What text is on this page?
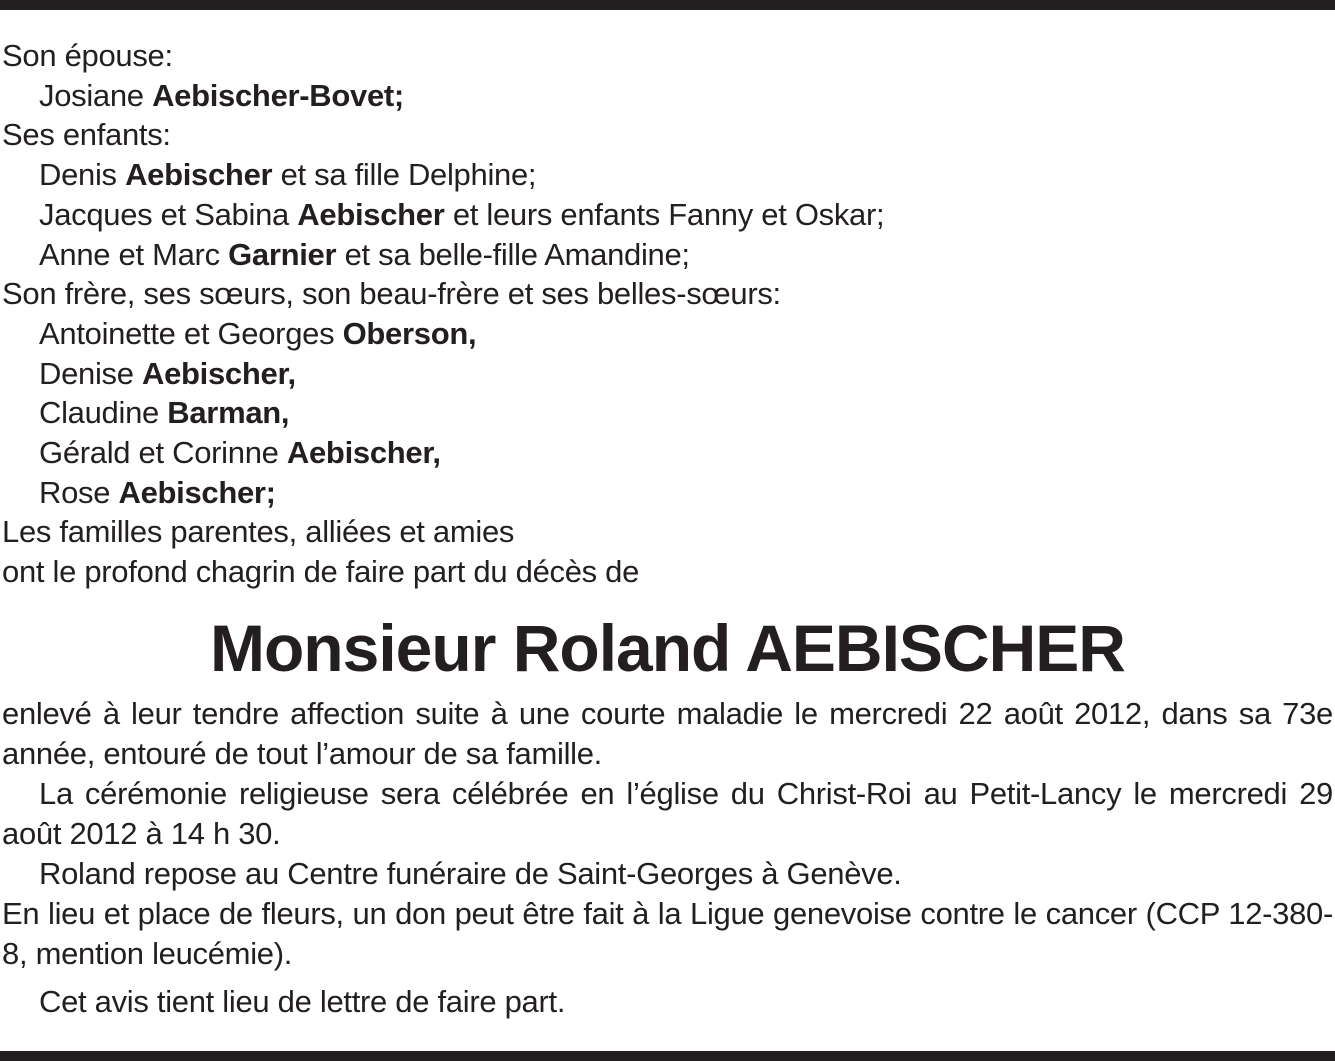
Son épouse:
Josiane Aebischer-Bovet;
Ses enfants:
Denis Aebischer et sa fille Delphine;
Jacques et Sabina Aebischer et leurs enfants Fanny et Oskar;
Anne et Marc Garnier et sa belle-fille Amandine;
Son frère, ses sœurs, son beau-frère et ses belles-sœurs:
Antoinette et Georges Oberson,
Denise Aebischer,
Claudine Barman,
Gérald et Corinne Aebischer,
Rose Aebischer;
Les familles parentes, alliées et amies
ont le profond chagrin de faire part du décès de
Monsieur Roland AEBISCHER
enlevé à leur tendre affection suite à une courte maladie le mercredi 22 août 2012, dans sa 73e année, entouré de tout l’amour de sa famille.
La cérémonie religieuse sera célébrée en l’église du Christ-Roi au Petit-Lancy le mercredi 29 août 2012 à 14 h 30.
Roland repose au Centre funéraire de Saint-Georges à Genève.
En lieu et place de fleurs, un don peut être fait à la Ligue genevoise contre le cancer (CCP 12-380-8, mention leucémie).
Cet avis tient lieu de lettre de faire part.
